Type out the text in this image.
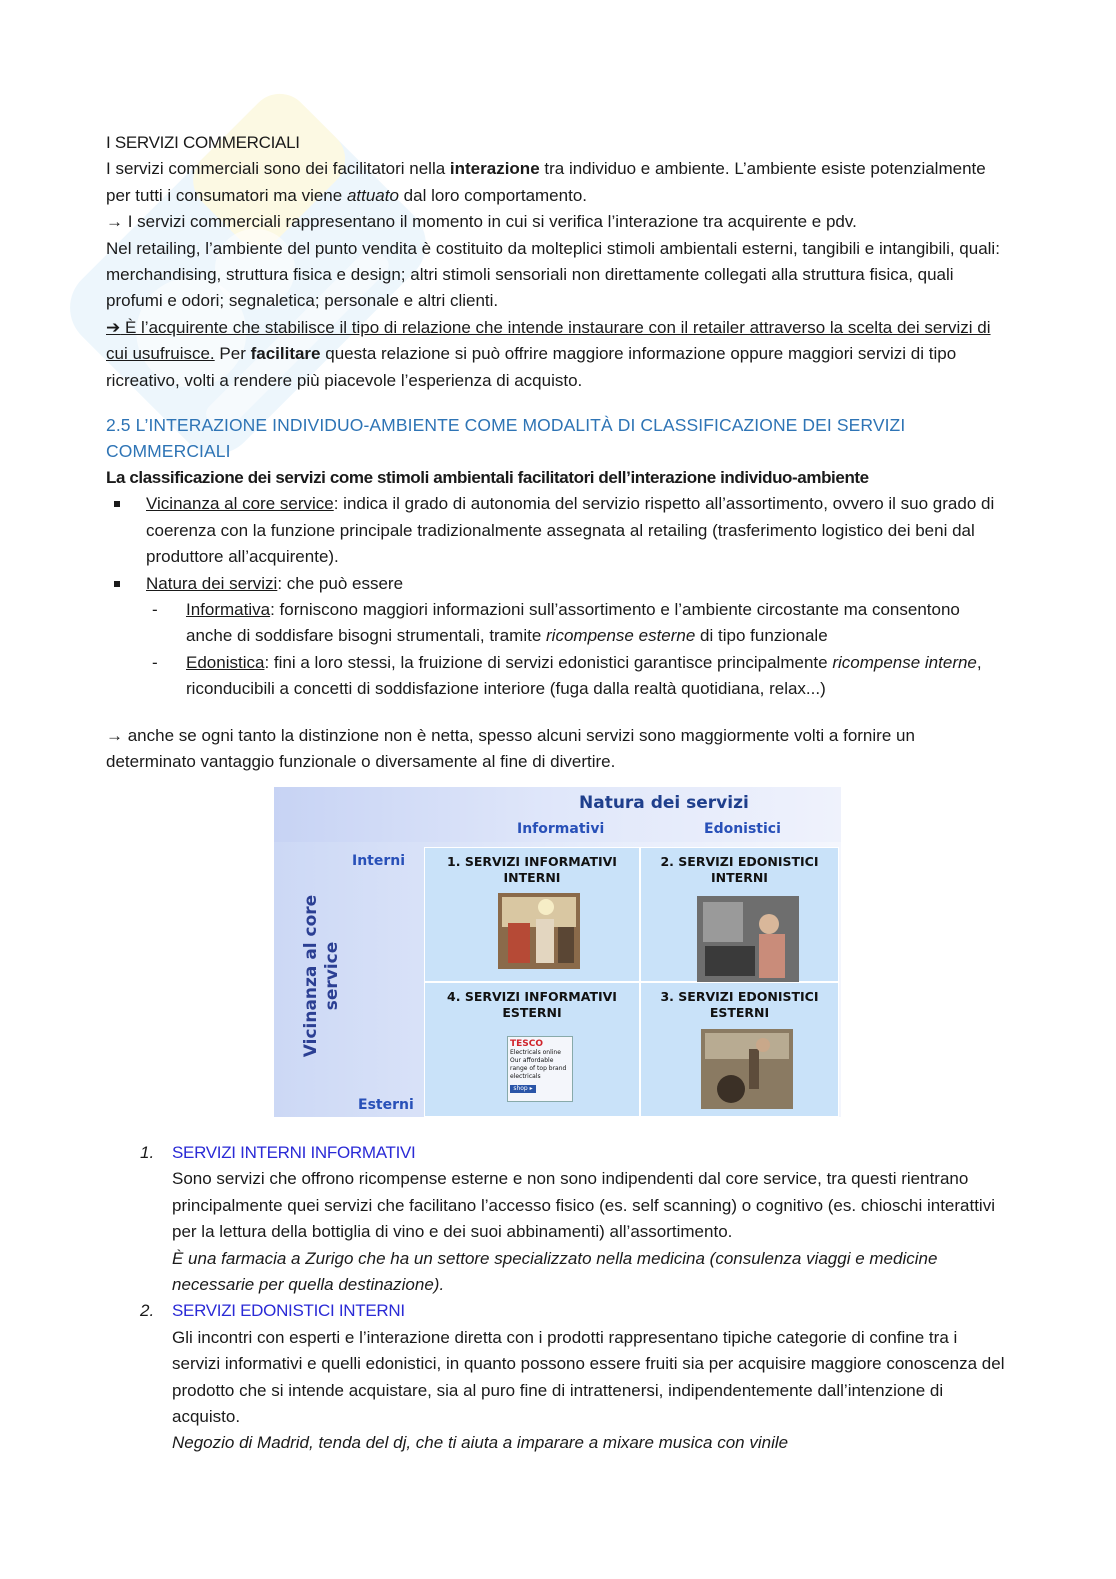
I SERVIZI COMMERCIALI

I servizi commerciali sono dei facilitatori nella interazione tra individuo e ambiente. L’ambiente esiste potenzialmente per tutti i consumatori ma viene attuato dal loro comportamento.

→ I servizi commerciali rappresentano il momento in cui si verifica l’interazione tra acquirente e pdv.

Nel retailing, l’ambiente del punto vendita è costituito da molteplici stimoli ambientali esterni, tangibili e intangibili, quali: merchandising, struttura fisica e design; altri stimoli sensoriali non direttamente collegati alla struttura fisica, quali profumi e odori; segnaletica; personale e altri clienti.

➔ È l’acquirente che stabilisce il tipo di relazione che intende instaurare con il retailer attraverso la scelta dei servizi di cui usufruisce. Per facilitare questa relazione si può offrire maggiore informazione oppure maggiori servizi di tipo ricreativo, volti a rendere più piacevole l’esperienza di acquisto.

2.5 L’INTERAZIONE INDIVIDUO-AMBIENTE COME MODALITÀ DI CLASSIFICAZIONE DEI SERVIZI COMMERCIALI

La classificazione dei servizi come stimoli ambientali facilitatori dell’interazione individuo-ambiente

Vicinanza al core service: indica il grado di autonomia del servizio rispetto all’assortimento, ovvero il suo grado di coerenza con la funzione principale tradizionalmente assegnata al retailing (trasferimento logistico dei beni dal produttore all’acquirente).
Natura dei servizi: che può essere
- Informativa: forniscono maggiori informazioni sull’assortimento e l’ambiente circostante ma consentono anche di soddisfare bisogni strumentali, tramite ricompense esterne di tipo funzionale
- Edonistica: fini a loro stessi, la fruizione di servizi edonistici garantisce principalmente ricompense interne, riconducibili a concetti di soddisfazione interiore (fuga dalla realtà quotidiana, relax...)

→ anche se ogni tanto la distinzione non è netta, spesso alcuni servizi sono maggiormente volti a fornire un determinato vantaggio funzionale o diversamente al fine di divertire.

Natura dei servizi
Informativi	Edonistici
Interni
Esterni
Vicinanza al core service
1. SERVIZI INFORMATIVI INTERNI
2. SERVIZI EDONISTICI INTERNI
4. SERVIZI INFORMATIVI ESTERNI
TESCO
Electricals online
Our affordable range of top brand electricals
shop ▸
3. SERVIZI EDONISTICI ESTERNI
1. SERVIZI INTERNI INFORMATIVI

Sono servizi che offrono ricompense esterne e non sono indipendenti dal core service, tra questi rientrano principalmente quei servizi che facilitano l’accesso fisico (es. self scanning) o cognitivo (es. chioschi interattivi per la lettura della bottiglia di vino e dei suoi abbinamenti) all’assortimento.

È una farmacia a Zurigo che ha un settore specializzato nella medicina (consulenza viaggi e medicine necessarie per quella destinazione).

2. SERVIZI EDONISTICI INTERNI

Gli incontri con esperti e l’interazione diretta con i prodotti rappresentano tipiche categorie di confine tra i servizi informativi e quelli edonistici, in quanto possono essere fruiti sia per acquisire maggiore conoscenza del prodotto che si intende acquistare, sia al puro fine di intrattenersi, indipendentemente dall’intenzione di acquisto.

Negozio di Madrid, tenda del dj, che ti aiuta a imparare a mixare musica con vinile
